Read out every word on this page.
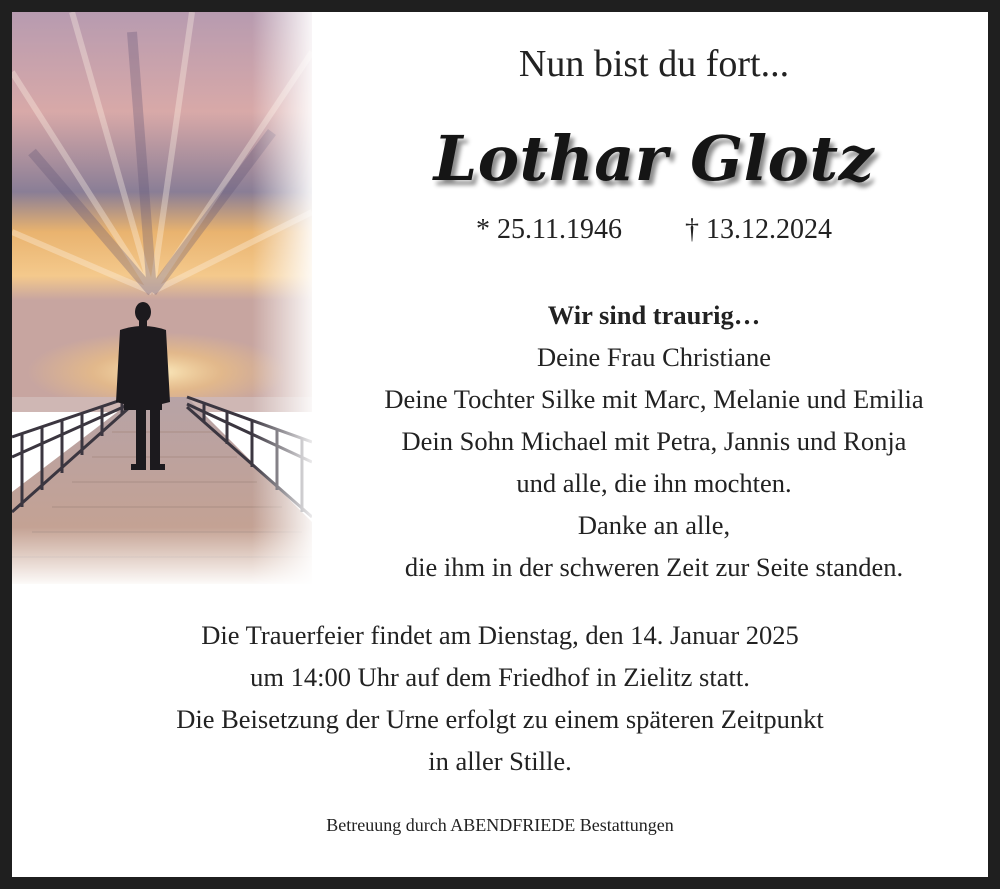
Nun bist du fort...
Lothar Glotz
* 25.11.1946 † 13.12.2024
Wir sind traurig…
Deine Frau Christiane
Deine Tochter Silke mit Marc, Melanie und Emilia
Dein Sohn Michael mit Petra, Jannis und Ronja
und alle, die ihn mochten.
Danke an alle,
die ihm in der schweren Zeit zur Seite standen.
Die Trauerfeier findet am Dienstag, den 14. Januar 2025
um 14:00 Uhr auf dem Friedhof in Zielitz statt.
Die Beisetzung der Urne erfolgt zu einem späteren Zeitpunkt
in aller Stille.
Betreuung durch ABENDFRIEDE Bestattungen
